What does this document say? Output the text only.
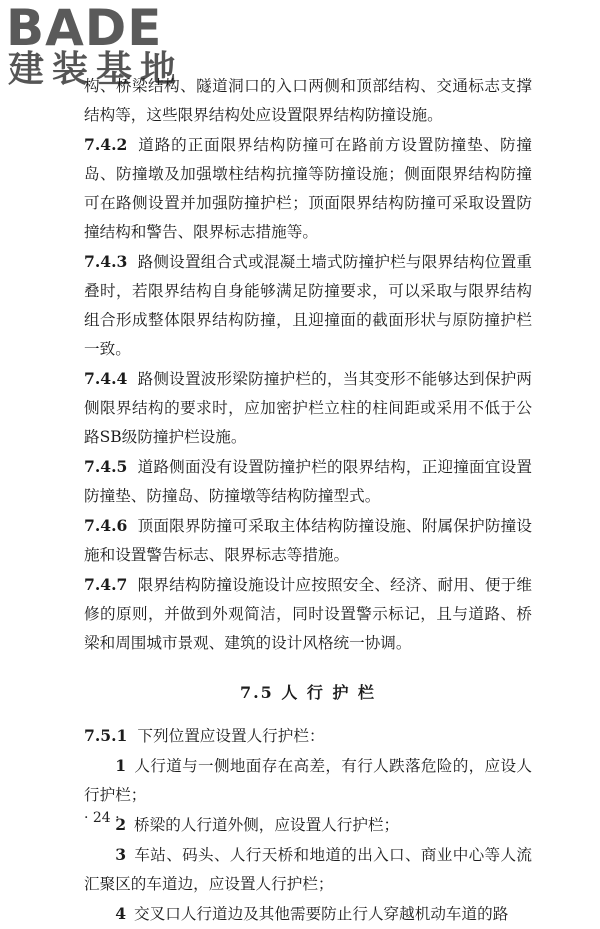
BADE
建装基地

构、桥梁结构、隧道洞口的入口两侧和顶部结构、交通标志支撑结构等，这些限界结构处应设置限界结构防撞设施。

7.4.2 道路的正面限界结构防撞可在路前方设置防撞垫、防撞岛、防撞墩及加强墩柱结构抗撞等防撞设施；侧面限界结构防撞可在路侧设置并加强防撞护栏；顶面限界结构防撞可采取设置防撞结构和警告、限界标志措施等。

7.4.3 路侧设置组合式或混凝土墙式防撞护栏与限界结构位置重叠时，若限界结构自身能够满足防撞要求，可以采取与限界结构组合形成整体限界结构防撞，且迎撞面的截面形状与原防撞护栏一致。

7.4.4 路侧设置波形梁防撞护栏的，当其变形不能够达到保护两侧限界结构的要求时，应加密护栏立柱的柱间距或采用不低于公路SB级防撞护栏设施。

7.4.5 道路侧面没有设置防撞护栏的限界结构，正迎撞面宜设置防撞垫、防撞岛、防撞墩等结构防撞型式。

7.4.6 顶面限界防撞可采取主体结构防撞设施、附属保护防撞设施和设置警告标志、限界标志等措施。

7.4.7 限界结构防撞设施设计应按照安全、经济、耐用、便于维修的原则，并做到外观简洁，同时设置警示标记，且与道路、桥梁和周围城市景观、建筑的设计风格统一协调。

7.5 人 行 护 栏

7.5.1 下列位置应设置人行护栏：

1 人行道与一侧地面存在高差，有行人跌落危险的，应设人行护栏；

2 桥梁的人行道外侧，应设置人行护栏；

3 车站、码头、人行天桥和地道的出入口、商业中心等人流汇聚区的车道边，应设置人行护栏；

4 交叉口人行道边及其他需要防止行人穿越机动车道的路

· 24 ·
